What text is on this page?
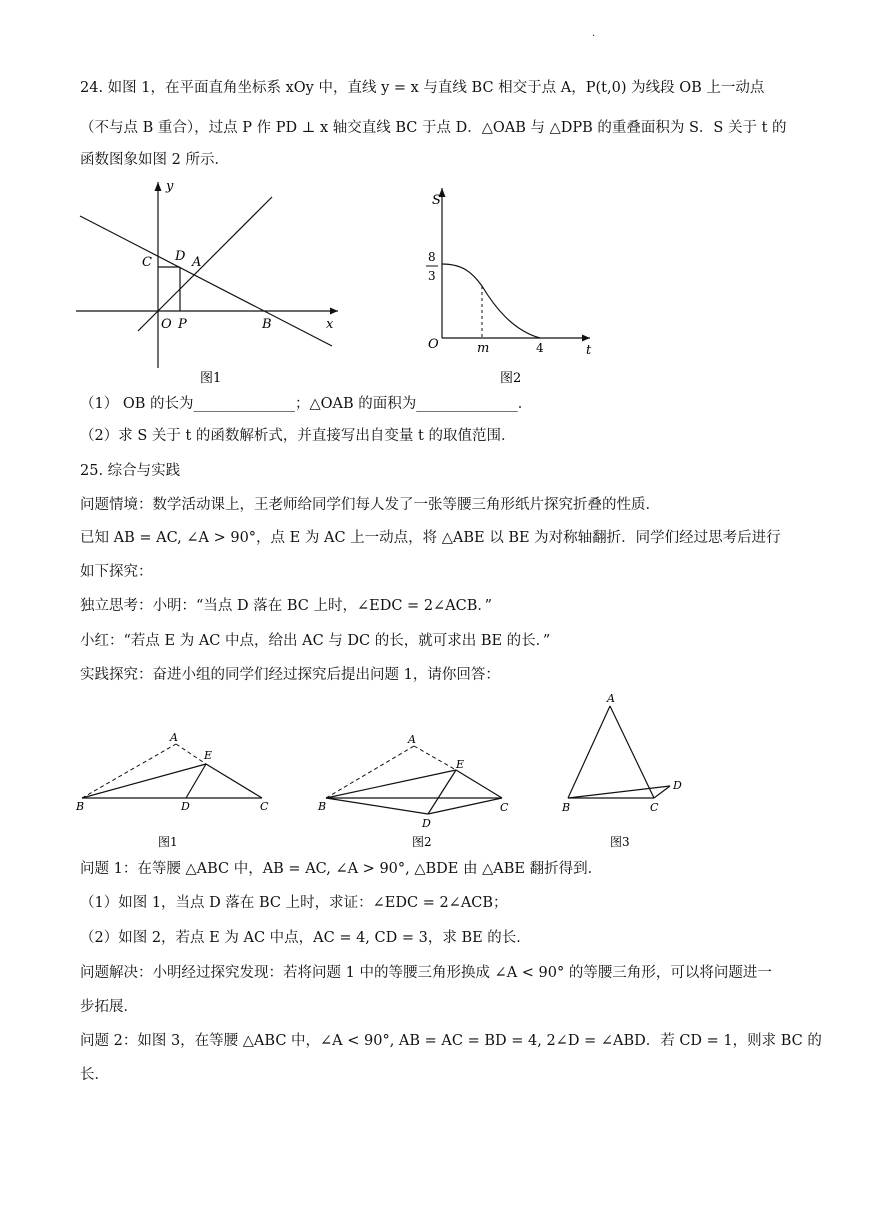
.
24. 如图 1，在平面直角坐标系 xOy 中，直线 y = x 与直线 BC 相交于点 A，P(t,0) 为线段 OB 上一动点
（不与点 B 重合），过点 P 作 PD ⊥ x 轴交直线 BC 于点 D．△OAB 与 △DPB 的重叠面积为 S．S 关于 t 的
函数图象如图 2 所示．
y
x
C D A
O P	B
图1
S
8
3
O	m	4	t
图2
（1） OB 的长为______________；△OAB 的面积为______________．
（2）求 S 关于 t 的函数解析式，并直接写出自变量 t 的取值范围．
25. 综合与实践
问题情境：数学活动课上，王老师给同学们每人发了一张等腰三角形纸片探究折叠的性质．
已知 AB = AC, ∠A > 90°，点 E 为 AC 上一动点，将 △ABE 以 BE 为对称轴翻折．同学们经过思考后进行
如下探究：
独立思考：小明：“当点 D 落在 BC 上时，∠EDC = 2∠ACB．”
小红：“若点 E 为 AC 中点，给出 AC 与 DC 的长，就可求出 BE 的长．”
实践探究：奋进小组的同学们经过探究后提出问题 1，请你回答：
A
E
B	D	C
图1
A
E
B
D
C
图2
A
D
B	C
图3
问题 1：在等腰 △ABC 中，AB = AC, ∠A > 90°, △BDE 由 △ABE 翻折得到．
（1）如图 1，当点 D 落在 BC 上时，求证：∠EDC = 2∠ACB；
（2）如图 2，若点 E 为 AC 中点，AC = 4, CD = 3，求 BE 的长．
问题解决：小明经过探究发现：若将问题 1 中的等腰三角形换成 ∠A < 90° 的等腰三角形，可以将问题进一
步拓展．
问题 2：如图 3，在等腰 △ABC 中，∠A < 90°, AB = AC = BD = 4, 2∠D = ∠ABD．若 CD = 1，则求 BC 的
长．
